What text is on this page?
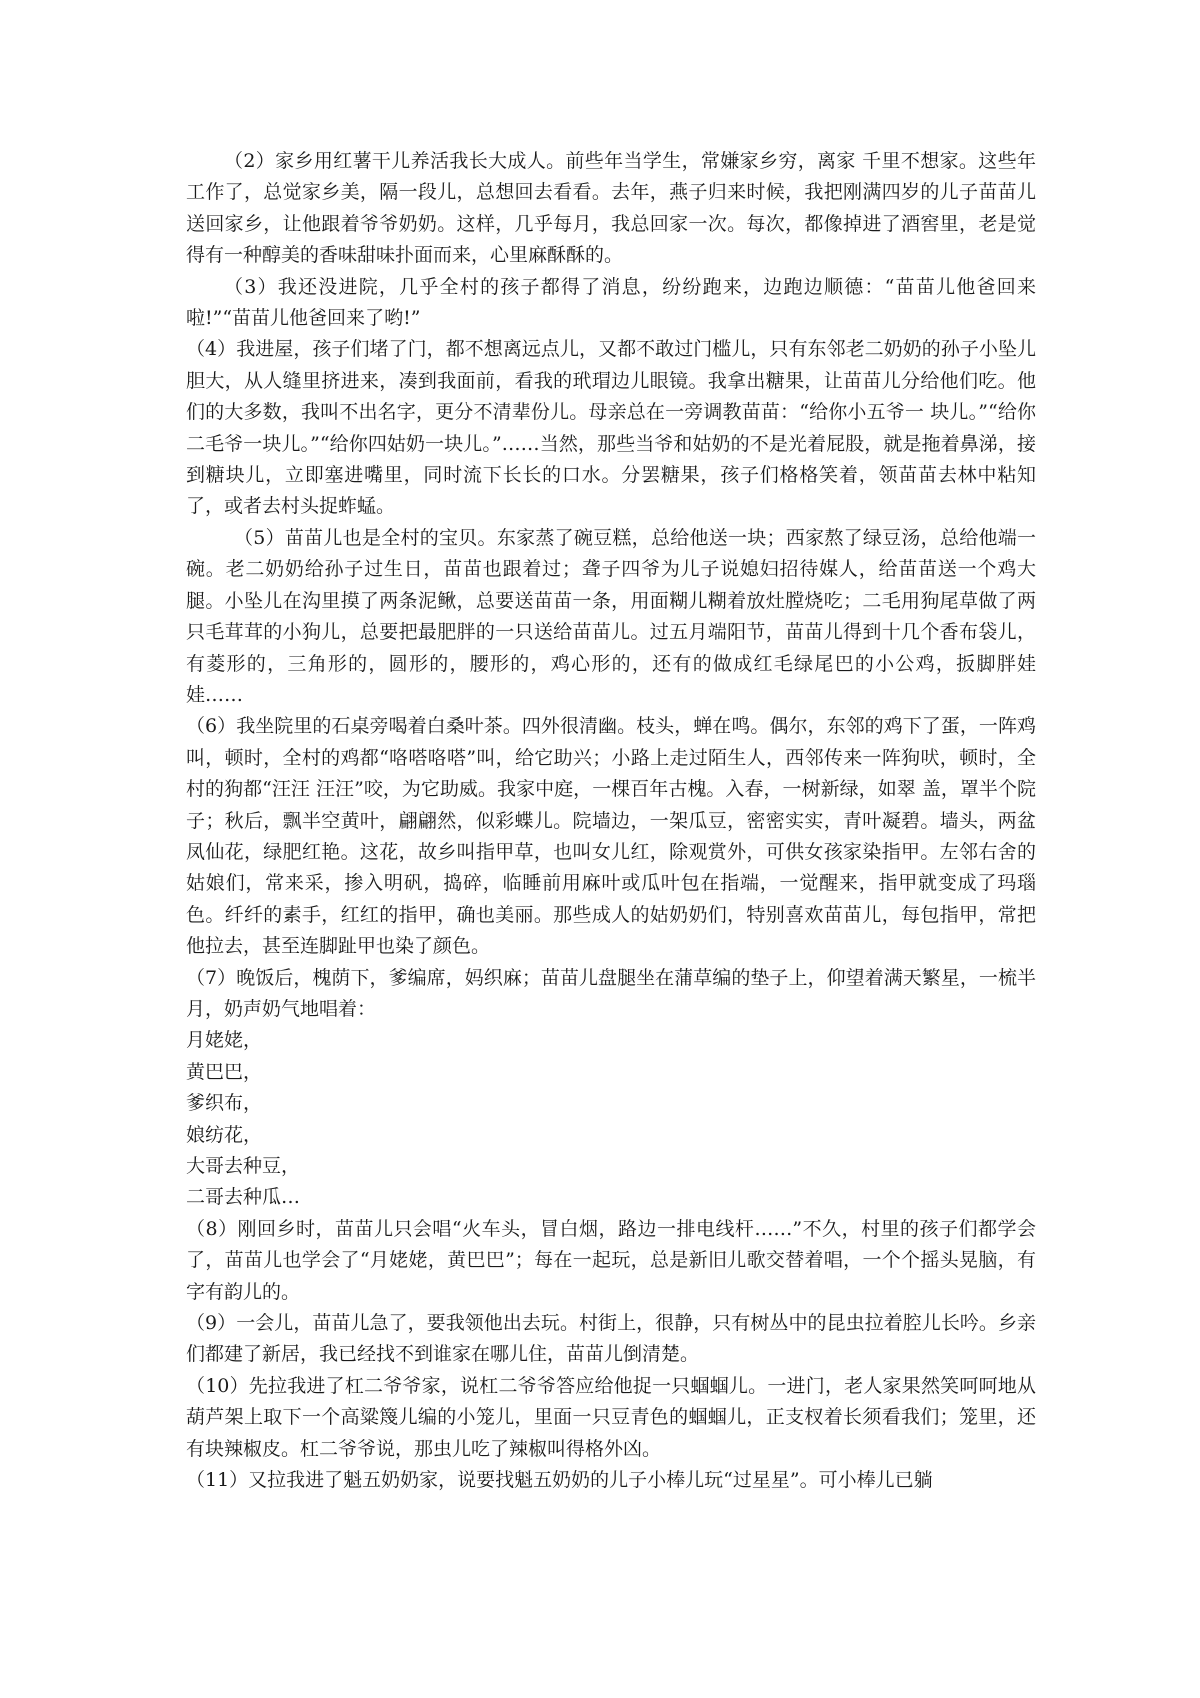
（2）家乡用红薯干儿养活我长大成人。前些年当学生，常嫌家乡穷，离家 千里不想家。这些年工作了，总觉家乡美，隔一段儿，总想回去看看。去年，燕子归来时候，我把刚满四岁的儿子苗苗儿送回家乡，让他跟着爷爷奶奶。这样，几乎每月，我总回家一次。每次，都像掉进了酒窖里，老是觉得有一种醇美的香味甜味扑面而来，心里麻酥酥的。

（3）我还没进院，几乎全村的孩子都得了消息，纷纷跑来，边跑边顺德：“苗苗儿他爸回来啦!”“苗苗儿他爸回来了哟!”

（4）我进屋，孩子们堵了门，都不想离远点儿，又都不敢过门槛儿，只有东邻老二奶奶的孙子小坠儿胆大，从人缝里挤进来，凑到我面前，看我的玳瑁边儿眼镜。我拿出糖果，让苗苗儿分给他们吃。他们的大多数，我叫不出名字，更分不清辈份儿。母亲总在一旁调教苗苗：“给你小五爷一 块儿。”“给你二毛爷一块儿。”“给你四姑奶一块儿。”……当然，那些当爷和姑奶的不是光着屁股，就是拖着鼻涕，接到糖块儿，立即塞进嘴里，同时流下长长的口水。分罢糖果，孩子们格格笑着，领苗苗去林中粘知了，或者去村头捉蚱蜢。

（5）苗苗儿也是全村的宝贝。东家蒸了碗豆糕，总给他送一块；西家熬了绿豆汤，总给他端一碗。老二奶奶给孙子过生日，苗苗也跟着过；聋子四爷为儿子说媳妇招待媒人，给苗苗送一个鸡大腿。小坠儿在沟里摸了两条泥鳅，总要送苗苗一条，用面糊儿糊着放灶膛烧吃；二毛用狗尾草做了两只毛茸茸的小狗儿，总要把最肥胖的一只送给苗苗儿。过五月端阳节，苗苗儿得到十几个香布袋儿，有菱形的，三角形的，圆形的，腰形的，鸡心形的，还有的做成红毛绿尾巴的小公鸡，扳脚胖娃娃……

（6）我坐院里的石桌旁喝着白桑叶茶。四外很清幽。枝头，蝉在鸣。偶尔，东邻的鸡下了蛋，一阵鸡叫，顿时，全村的鸡都“咯嗒咯嗒”叫，给它助兴；小路上走过陌生人，西邻传来一阵狗吠，顿时，全村的狗都“汪汪 汪汪”咬，为它助威。我家中庭，一棵百年古槐。入春，一树新绿，如翠 盖，罩半个院子；秋后，飘半空黄叶，翩翩然，似彩蝶儿。院墙边，一架瓜豆，密密实实，青叶凝碧。墙头，两盆凤仙花，绿肥红艳。这花，故乡叫指甲草，也叫女儿红，除观赏外，可供女孩家染指甲。左邻右舍的姑娘们，常来采，掺入明矾，捣碎，临睡前用麻叶或瓜叶包在指端，一觉醒来，指甲就变成了玛瑙色。纤纤的素手，红红的指甲，确也美丽。那些成人的姑奶奶们，特别喜欢苗苗儿，每包指甲，常把他拉去，甚至连脚趾甲也染了颜色。

（7）晚饭后，槐荫下，爹编席，妈织麻；苗苗儿盘腿坐在蒲草编的垫子上，仰望着满天繁星，一梳半月，奶声奶气地唱着：

月姥姥，

黄巴巴，

爹织布，

娘纺花，

大哥去种豆，

二哥去种瓜…

（8）刚回乡时，苗苗儿只会唱“火车头，冒白烟，路边一排电线杆……”不久，村里的孩子们都学会了，苗苗儿也学会了“月姥姥，黄巴巴”；每在一起玩，总是新旧儿歌交替着唱，一个个摇头晃脑，有字有韵儿的。

（9）一会儿，苗苗儿急了，要我领他出去玩。村街上，很静，只有树丛中的昆虫拉着腔儿长吟。乡亲们都建了新居，我已经找不到谁家在哪儿住，苗苗儿倒清楚。

（10）先拉我进了杠二爷爷家，说杠二爷爷答应给他捉一只蝈蝈儿。一进门，老人家果然笑呵呵地从葫芦架上取下一个高粱篾儿编的小笼儿，里面一只豆青色的蝈蝈儿，正支杈着长须看我们；笼里，还有块辣椒皮。杠二爷爷说，那虫儿吃了辣椒叫得格外凶。

（11）又拉我进了魁五奶奶家，说要找魁五奶奶的儿子小棒儿玩“过星星”。可小棒儿已躺
